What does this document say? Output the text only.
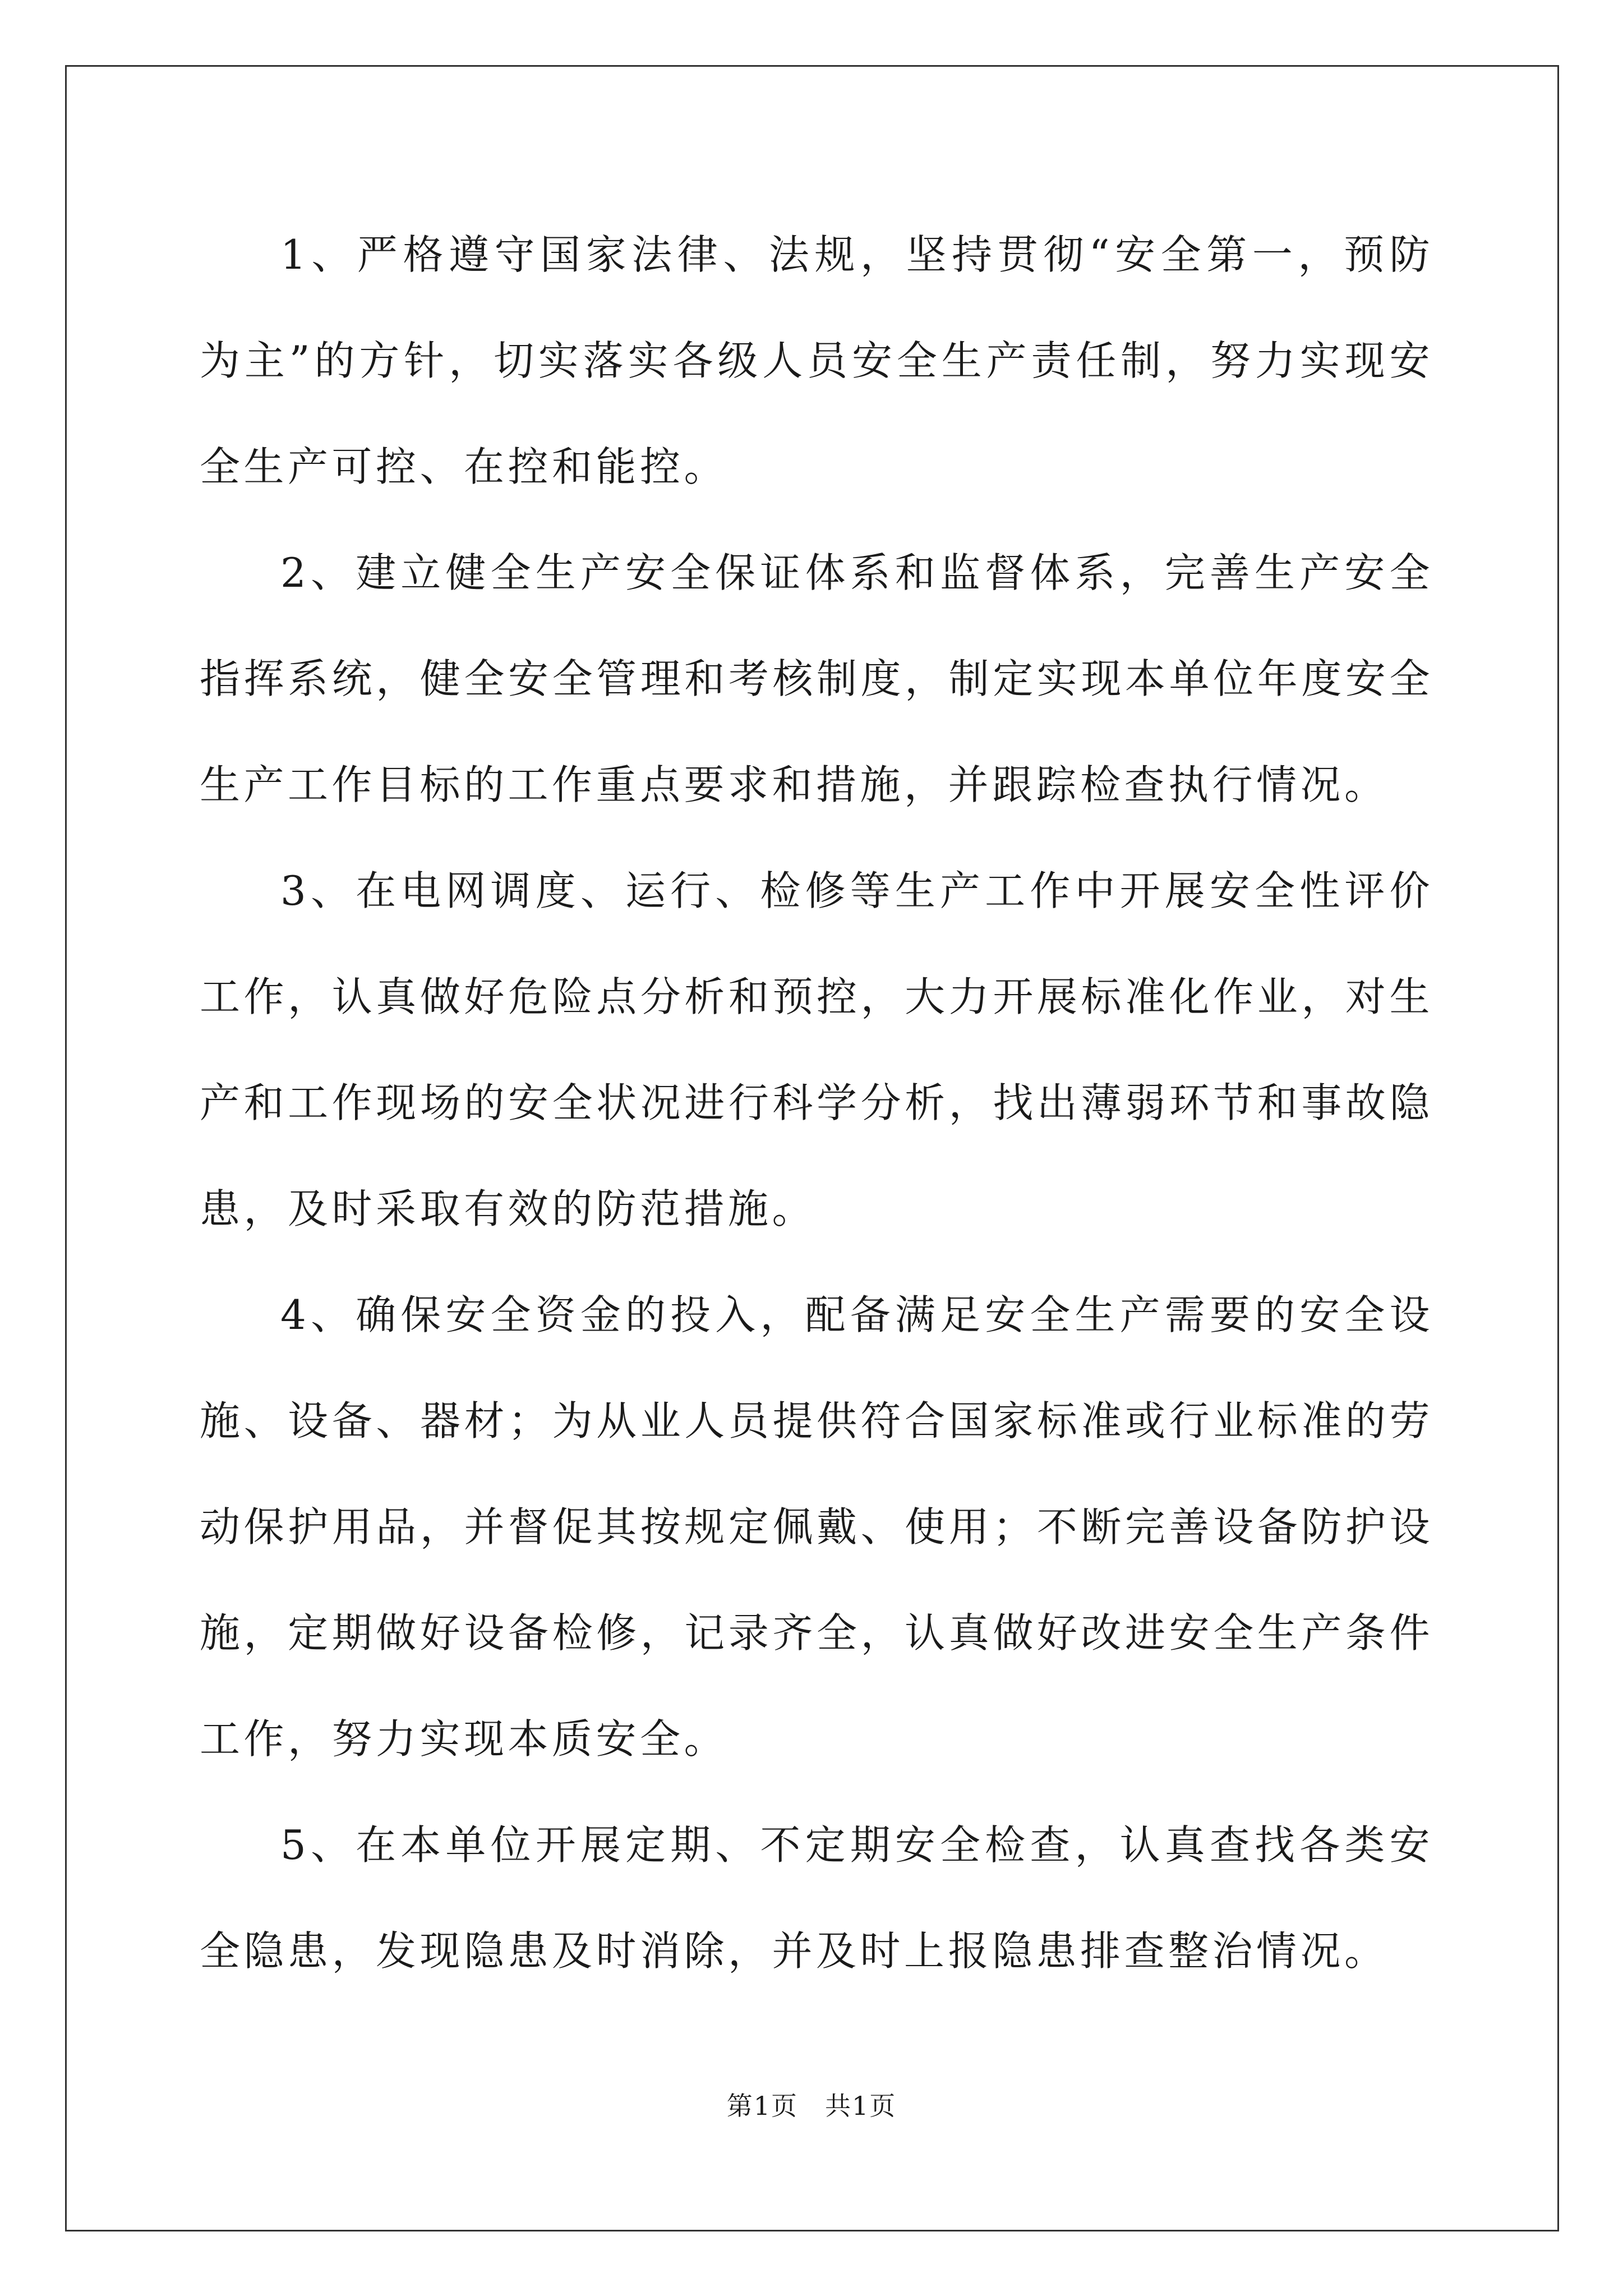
1、严格遵守国家法律、法规，坚持贯彻“安全第一，预防为主”的方针，切实落实各级人员安全生产责任制，努力实现安全生产可控、在控和能控。

2、建立健全生产安全保证体系和监督体系，完善生产安全指挥系统，健全安全管理和考核制度，制定实现本单位年度安全生产工作目标的工作重点要求和措施，并跟踪检查执行情况。

3、在电网调度、运行、检修等生产工作中开展安全性评价工作，认真做好危险点分析和预控，大力开展标准化作业，对生产和工作现场的安全状况进行科学分析，找出薄弱环节和事故隐患，及时采取有效的防范措施。

4、确保安全资金的投入，配备满足安全生产需要的安全设施、设备、器材；为从业人员提供符合国家标准或行业标准的劳动保护用品，并督促其按规定佩戴、使用；不断完善设备防护设施，定期做好设备检修，记录齐全，认真做好改进安全生产条件工作，努力实现本质安全。

5、在本单位开展定期、不定期安全检查，认真查找各类安全隐患，发现隐患及时消除，并及时上报隐患排查整治情况。

第1页　共1页
